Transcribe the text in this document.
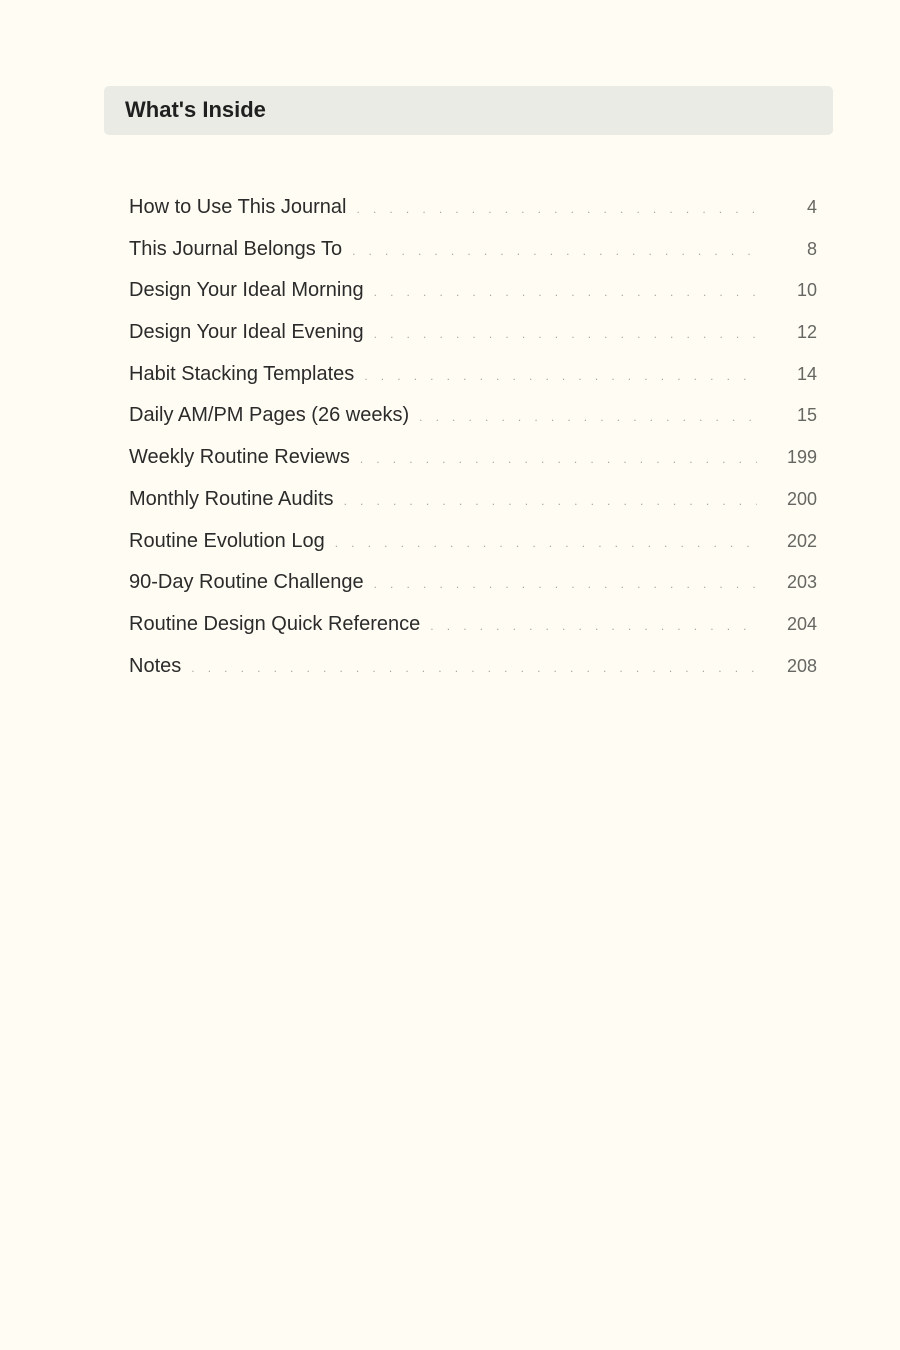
What's Inside
How to Use This Journal . . .	4
This Journal Belongs To . . .	8
Design Your Ideal Morning . . .	10
Design Your Ideal Evening . . .	12
Habit Stacking Templates . . .	14
Daily AM/PM Pages (26 weeks) . . .	15
Weekly Routine Reviews . . .	199
Monthly Routine Audits . . .	200
Routine Evolution Log . . .	202
90-Day Routine Challenge . . .	203
Routine Design Quick Reference . . .	204
Notes . . .	208
